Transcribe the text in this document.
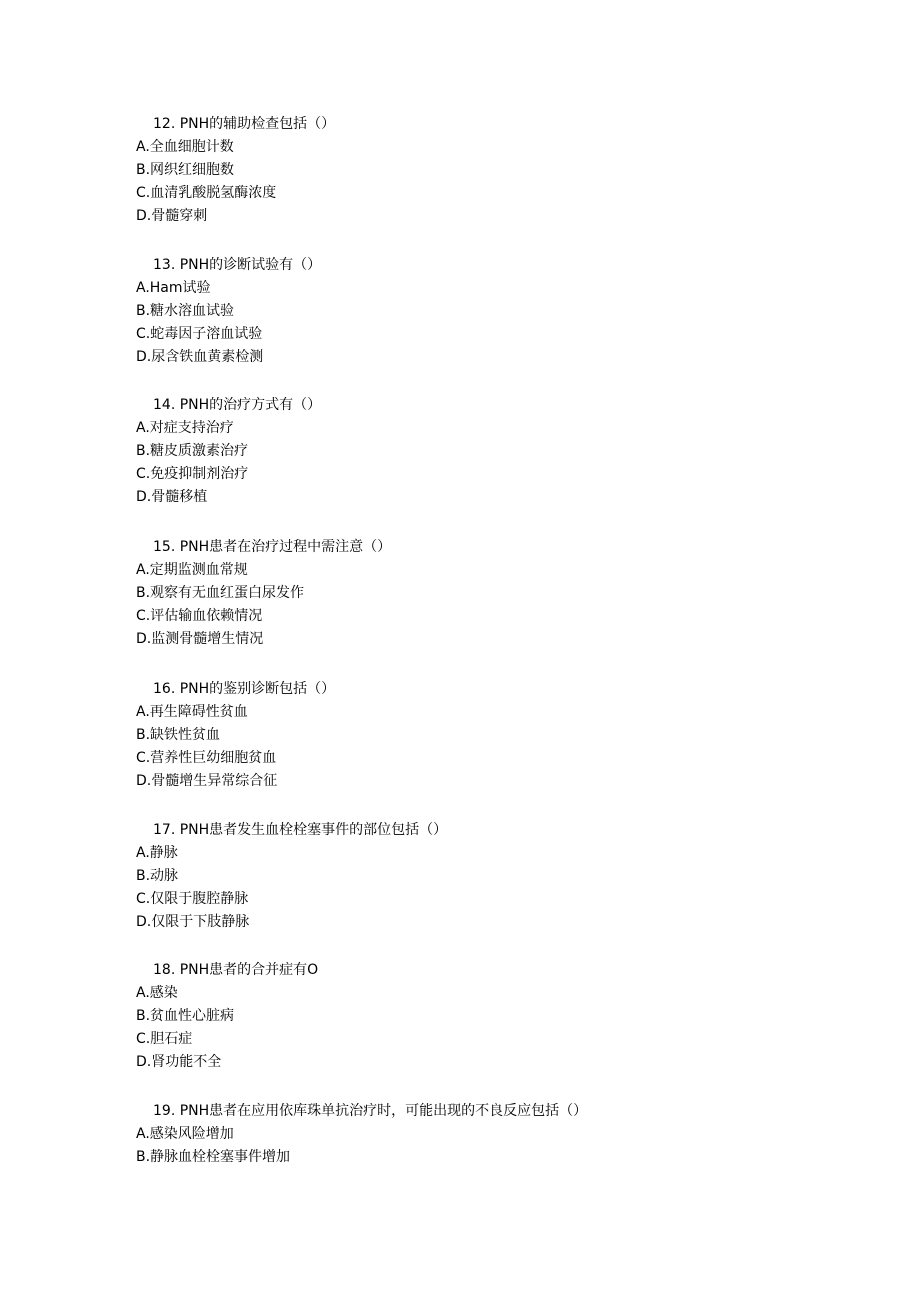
12. PNH的辅助检查包括（）
A.全血细胞计数
B.网织红细胞数
C.血清乳酸脱氢酶浓度
D.骨髓穿刺
13. PNH的诊断试验有（）
A.Ham试验
B.糖水溶血试验
C.蛇毒因子溶血试验
D.尿含铁血黄素检测
14. PNH的治疗方式有（）
A.对症支持治疗
B.糖皮质激素治疗
C.免疫抑制剂治疗
D.骨髓移植
15. PNH患者在治疗过程中需注意（）
A.定期监测血常规
B.观察有无血红蛋白尿发作
C.评估输血依赖情况
D.监测骨髓增生情况
16. PNH的鉴别诊断包括（）
A.再生障碍性贫血
B.缺铁性贫血
C.营养性巨幼细胞贫血
D.骨髓增生异常综合征
17. PNH患者发生血栓栓塞事件的部位包括（）
A.静脉
B.动脉
C.仅限于腹腔静脉
D.仅限于下肢静脉
18. PNH患者的合并症有O
A.感染
B.贫血性心脏病
C.胆石症
D.肾功能不全
19. PNH患者在应用依库珠单抗治疗时，可能出现的不良反应包括（）
A.感染风险增加
B.静脉血栓栓塞事件增加
